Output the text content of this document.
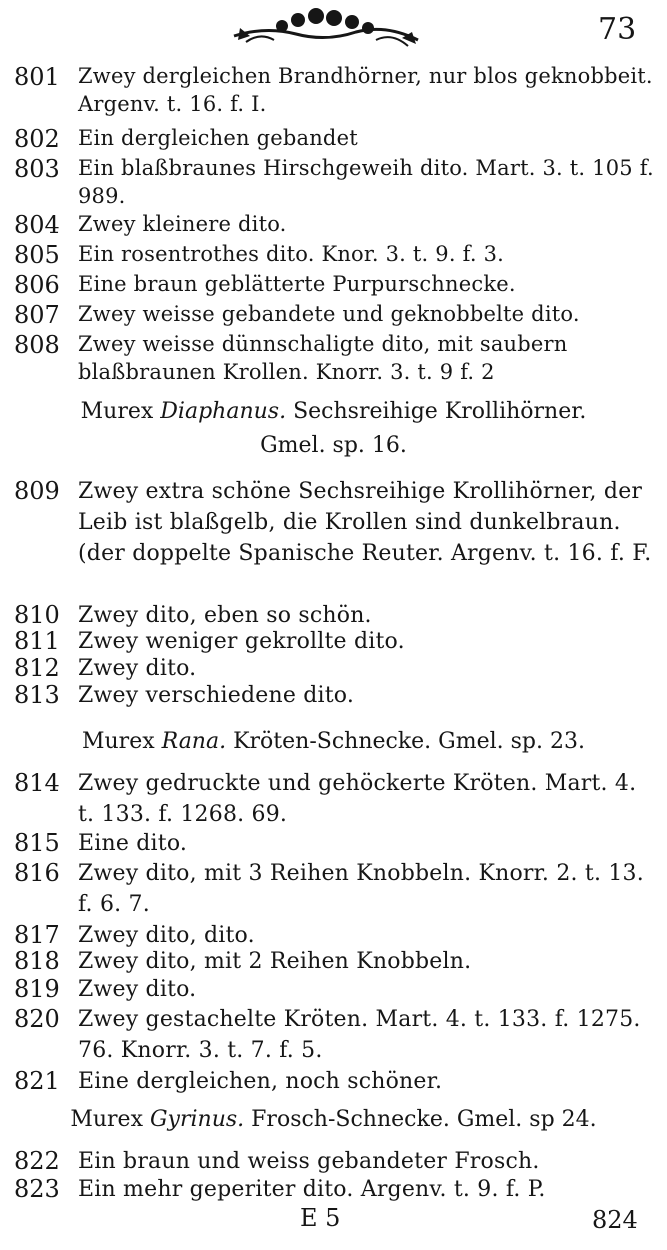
73
801 Zwey dergleichen Brandhörner, nur blos geknobbeit. Argenv. t. 16. f. I.
802 Ein dergleichen gebandet
803 Ein blaßbraunes Hirschgeweih dito. Mart. 3. t. 105 f. 989.
804 Zwey kleinere dito.
805 Ein rosentrothes dito. Knor. 3. t. 9. f. 3.
806 Eine braun geblätterte Purpurschnecke.
807 Zwey weisse gebandete und geknobbelte dito.
808 Zwey weisse dünnschaligte dito, mit saubern blaßbraunen Krollen. Knorr. 3. t. 9 f. 2
Murex Diaphanus. Sechsreihige Krollihörner.
Gmel. sp. 16.
809 Zwey extra schöne Sechsreihige Krollihörner, der Leib ist blaßgelb, die Krollen sind dunkelbraun. (der doppelte Spanische Reuter. Argenv. t. 16. f. F.
810 Zwey dito, eben so schön.
811 Zwey weniger gekrollte dito.
812 Zwey dito.
813 Zwey verschiedene dito.
Murex Rana. Kröten-Schnecke. Gmel. sp. 23.
814 Zwey gedruckte und gehöckerte Kröten. Mart. 4. t. 133. f. 1268. 69.
815 Eine dito.
816 Zwey dito, mit 3 Reihen Knobbeln. Knorr. 2. t. 13. f. 6. 7.
817 Zwey dito, dito.
818 Zwey dito, mit 2 Reihen Knobbeln.
819 Zwey dito.
820 Zwey gestachelte Kröten. Mart. 4. t. 133. f. 1275. 76. Knorr. 3. t. 7. f. 5.
821 Eine dergleichen, noch schöner.
Murex Gyrinus. Frosch-Schnecke. Gmel. sp 24.
822 Ein braun und weiss gebandeter Frosch.
823 Ein mehr geperiter dito. Argenv. t. 9. f. P.
E 5	824
